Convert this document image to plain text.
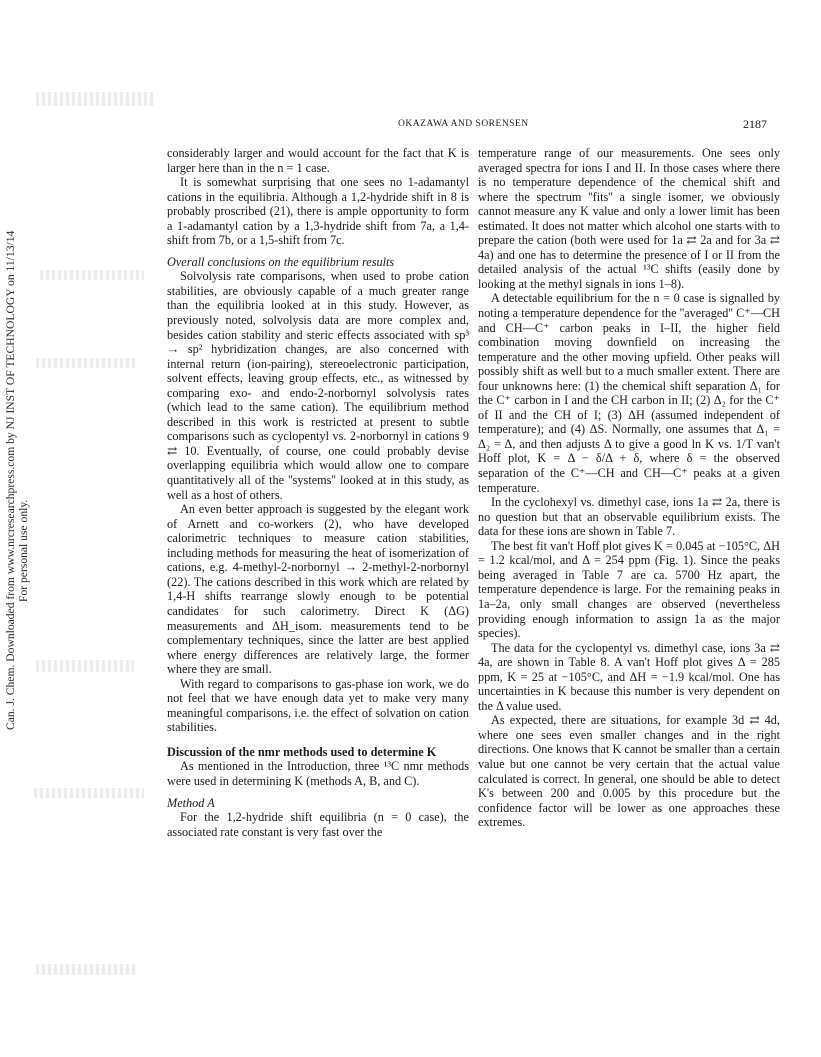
Can. J. Chem. Downloaded from www.nrcresearchpress.com by NJ INST OF TECHNOLOGY on 11/13/14 For personal use only.
OKAZAWA AND SORENSEN	2187

considerably larger and would account for the fact that K is larger here than in the n = 1 case.

It is somewhat surprising that one sees no 1-adamantyl cations in the equilibria. Although a 1,2-hydride shift in 8 is probably proscribed (21), there is ample opportunity to form a 1-adamantyl cation by a 1,3-hydride shift from 7a, a 1,4-shift from 7b, or a 1,5-shift from 7c.

Overall conclusions on the equilibrium results

Solvolysis rate comparisons, when used to probe cation stabilities, are obviously capable of a much greater range than the equilibria looked at in this study. However, as previously noted, solvolysis data are more complex and, besides cation stability and steric effects associated with sp³ → sp² hybridization changes, are also concerned with internal return (ion-pairing), stereoelectronic participation, solvent effects, leaving group effects, etc., as witnessed by comparing exo- and endo-2-norbornyl solvolysis rates (which lead to the same cation). The equilibrium method described in this work is restricted at present to subtle comparisons such as cyclopentyl vs. 2-norbornyl in cations 9 ⇄ 10. Eventually, of course, one could probably devise overlapping equilibria which would allow one to compare quantitatively all of the ''systems'' looked at in this study, as well as a host of others.

An even better approach is suggested by the elegant work of Arnett and co-workers (2), who have developed calorimetric techniques to measure cation stabilities, including methods for measuring the heat of isomerization of cations, e.g. 4-methyl-2-norbornyl → 2-methyl-2-norbornyl (22). The cations described in this work which are related by 1,4-H shifts rearrange slowly enough to be potential candidates for such calorimetry. Direct K (ΔG) measurements and ΔH_isom. measurements tend to be complementary techniques, since the latter are best applied where energy differences are relatively large, the former where they are small.

With regard to comparisons to gas-phase ion work, we do not feel that we have enough data yet to make very many meaningful comparisons, i.e. the effect of solvation on cation stabilities.

Discussion of the nmr methods used to determine K

As mentioned in the Introduction, three ¹³C nmr methods were used in determining K (methods A, B, and C).

Method A

For the 1,2-hydride shift equilibria (n = 0 case), the associated rate constant is very fast over the

temperature range of our measurements. One sees only averaged spectra for ions I and II. In those cases where there is no temperature dependence of the chemical shift and where the spectrum ''fits'' a single isomer, we obviously cannot measure any K value and only a lower limit has been estimated. It does not matter which alcohol one starts with to prepare the cation (both were used for 1a ⇄ 2a and for 3a ⇄ 4a) and one has to determine the presence of I or II from the detailed analysis of the actual ¹³C shifts (easily done by looking at the methyl signals in ions 1–8).

A detectable equilibrium for the n = 0 case is signalled by noting a temperature dependence for the ''averaged'' C⁺—CH and CH—C⁺ carbon peaks in I–II, the higher field combination moving downfield on increasing the temperature and the other moving upfield. Other peaks will possibly shift as well but to a much smaller extent. There are four unknowns here: (1) the chemical shift separation Δ₁ for the C⁺ carbon in I and the CH carbon in II; (2) Δ₂ for the C⁺ of II and the CH of I; (3) ΔH (assumed independent of temperature); and (4) ΔS. Normally, one assumes that Δ₁ = Δ₂ = Δ, and then adjusts Δ to give a good ln K vs. 1/T van't Hoff plot, K = Δ − δ/Δ + δ, where δ = the observed separation of the C⁺—CH and CH—C⁺ peaks at a given temperature.

In the cyclohexyl vs. dimethyl case, ions 1a ⇄ 2a, there is no question but that an observable equilibrium exists. The data for these ions are shown in Table 7.

The best fit van't Hoff plot gives K = 0.045 at −105°C, ΔH = 1.2 kcal/mol, and Δ = 254 ppm (Fig. 1). Since the peaks being averaged in Table 7 are ca. 5700 Hz apart, the temperature dependence is large. For the remaining peaks in 1a–2a, only small changes are observed (nevertheless providing enough information to assign 1a as the major species).

The data for the cyclopentyl vs. dimethyl case, ions 3a ⇄ 4a, are shown in Table 8. A van't Hoff plot gives Δ = 285 ppm, K = 25 at −105°C, and ΔH = −1.9 kcal/mol. One has uncertainties in K because this number is very dependent on the Δ value used.

As expected, there are situations, for example 3d ⇄ 4d, where one sees even smaller changes and in the right directions. One knows that K cannot be smaller than a certain value but one cannot be very certain that the actual value calculated is correct. In general, one should be able to detect K's between 200 and 0.005 by this procedure but the confidence factor will be lower as one approaches these extremes.
